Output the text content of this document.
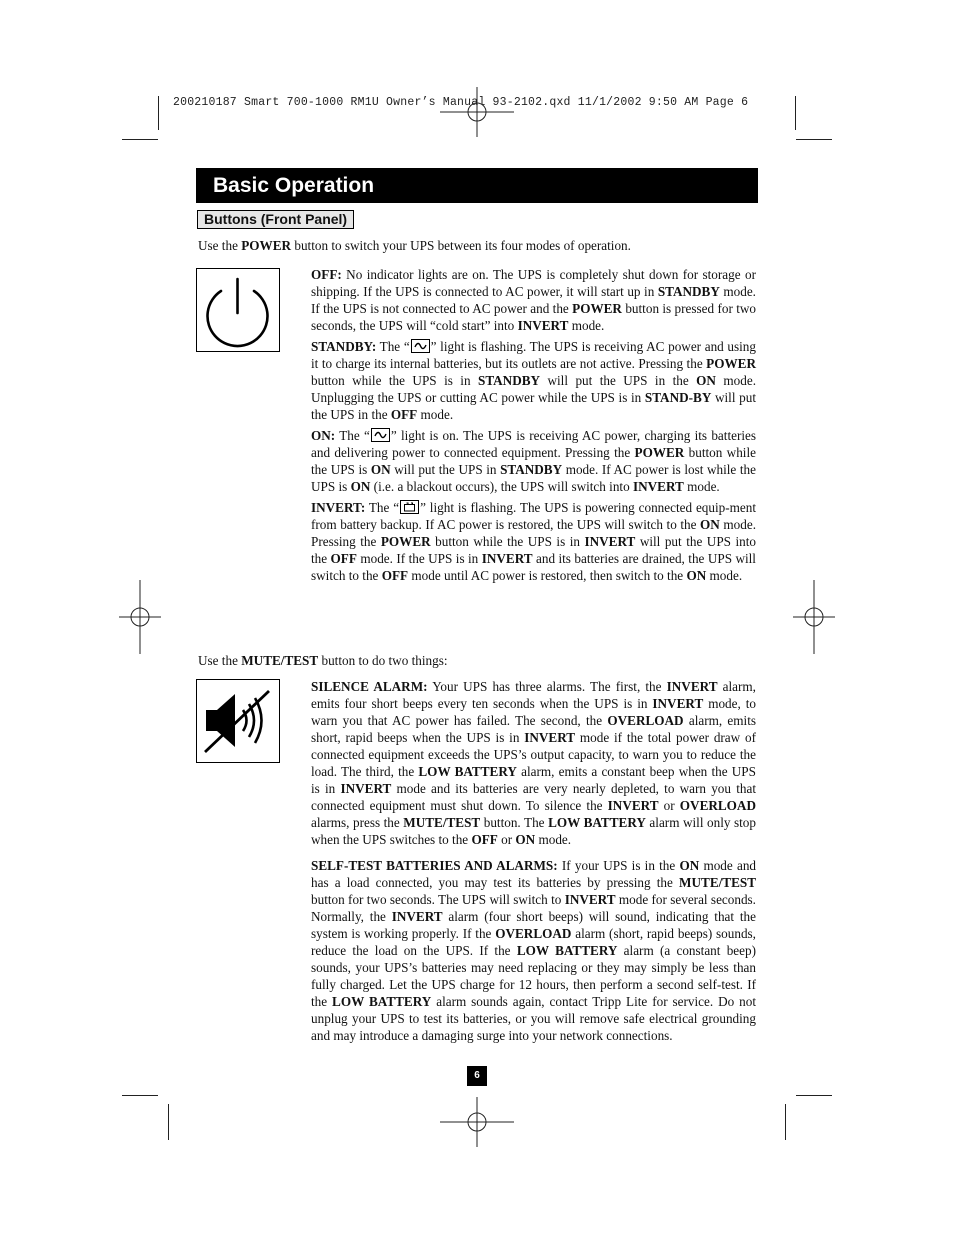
200210187 Smart 700-1000 RM1U Owner’s Manual 93-2102.qxd 11/1/2002 9:50 AM Page 6
Basic Operation
Buttons (Front Panel)
Use the POWER button to switch your UPS between its four modes of operation.

OFF: No indicator lights are on. The UPS is completely shut down for storage or shipping. If the UPS is connected to AC power, it will start up in STANDBY mode. If the UPS is not connected to AC power and the POWER button is pressed for two seconds, the UPS will “cold start” into INVERT mode.

STANDBY: The “ ” light is flashing. The UPS is receiving AC power and using it to charge its internal batteries, but its outlets are not active. Pressing the POWER button while the UPS is in STANDBY will put the UPS in the ON mode. Unplugging the UPS or cutting AC power while the UPS is in STAND-BY will put the UPS in the OFF mode.

ON: The “ ” light is on. The UPS is receiving AC power, charging its batteries and delivering power to connected equipment. Pressing the POWER button while the UPS is ON will put the UPS in STANDBY mode. If AC power is lost while the UPS is ON (i.e. a blackout occurs), the UPS will switch into INVERT mode.

INVERT: The “ ” light is flashing. The UPS is powering connected equip-ment from battery backup. If AC power is restored, the UPS will switch to the ON mode. Pressing the POWER button while the UPS is in INVERT will put the UPS into the OFF mode. If the UPS is in INVERT and its batteries are drained, the UPS will switch to the OFF mode until AC power is restored, then switch to the ON mode.

Use the MUTE/TEST button to do two things:

SILENCE ALARM: Your UPS has three alarms. The first, the INVERT alarm, emits four short beeps every ten seconds when the UPS is in INVERT mode, to warn you that AC power has failed. The second, the OVERLOAD alarm, emits short, rapid beeps when the UPS is in INVERT mode if the total power draw of connected equipment exceeds the UPS’s output capacity, to warn you to reduce the load. The third, the LOW BATTERY alarm, emits a constant beep when the UPS is in INVERT mode and its batteries are very nearly depleted, to warn you that connected equipment must shut down. To silence the INVERT or OVERLOAD alarms, press the MUTE/TEST button. The LOW BATTERY alarm will only stop when the UPS switches to the OFF or ON mode.

SELF-TEST BATTERIES AND ALARMS: If your UPS is in the ON mode and has a load connected, you may test its batteries by pressing the MUTE/TEST button for two seconds. The UPS will switch to INVERT mode for several seconds. Normally, the INVERT alarm (four short beeps) will sound, indicating that the system is working properly. If the OVERLOAD alarm (short, rapid beeps) sounds, reduce the load on the UPS. If the LOW BATTERY alarm (a constant beep) sounds, your UPS’s batteries may need replacing or they may simply be less than fully charged. Let the UPS charge for 12 hours, then perform a second self-test. If the LOW BATTERY alarm sounds again, contact Tripp Lite for service. Do not unplug your UPS to test its batteries, or you will remove safe electrical grounding and may introduce a damaging surge into your network connections.

6
